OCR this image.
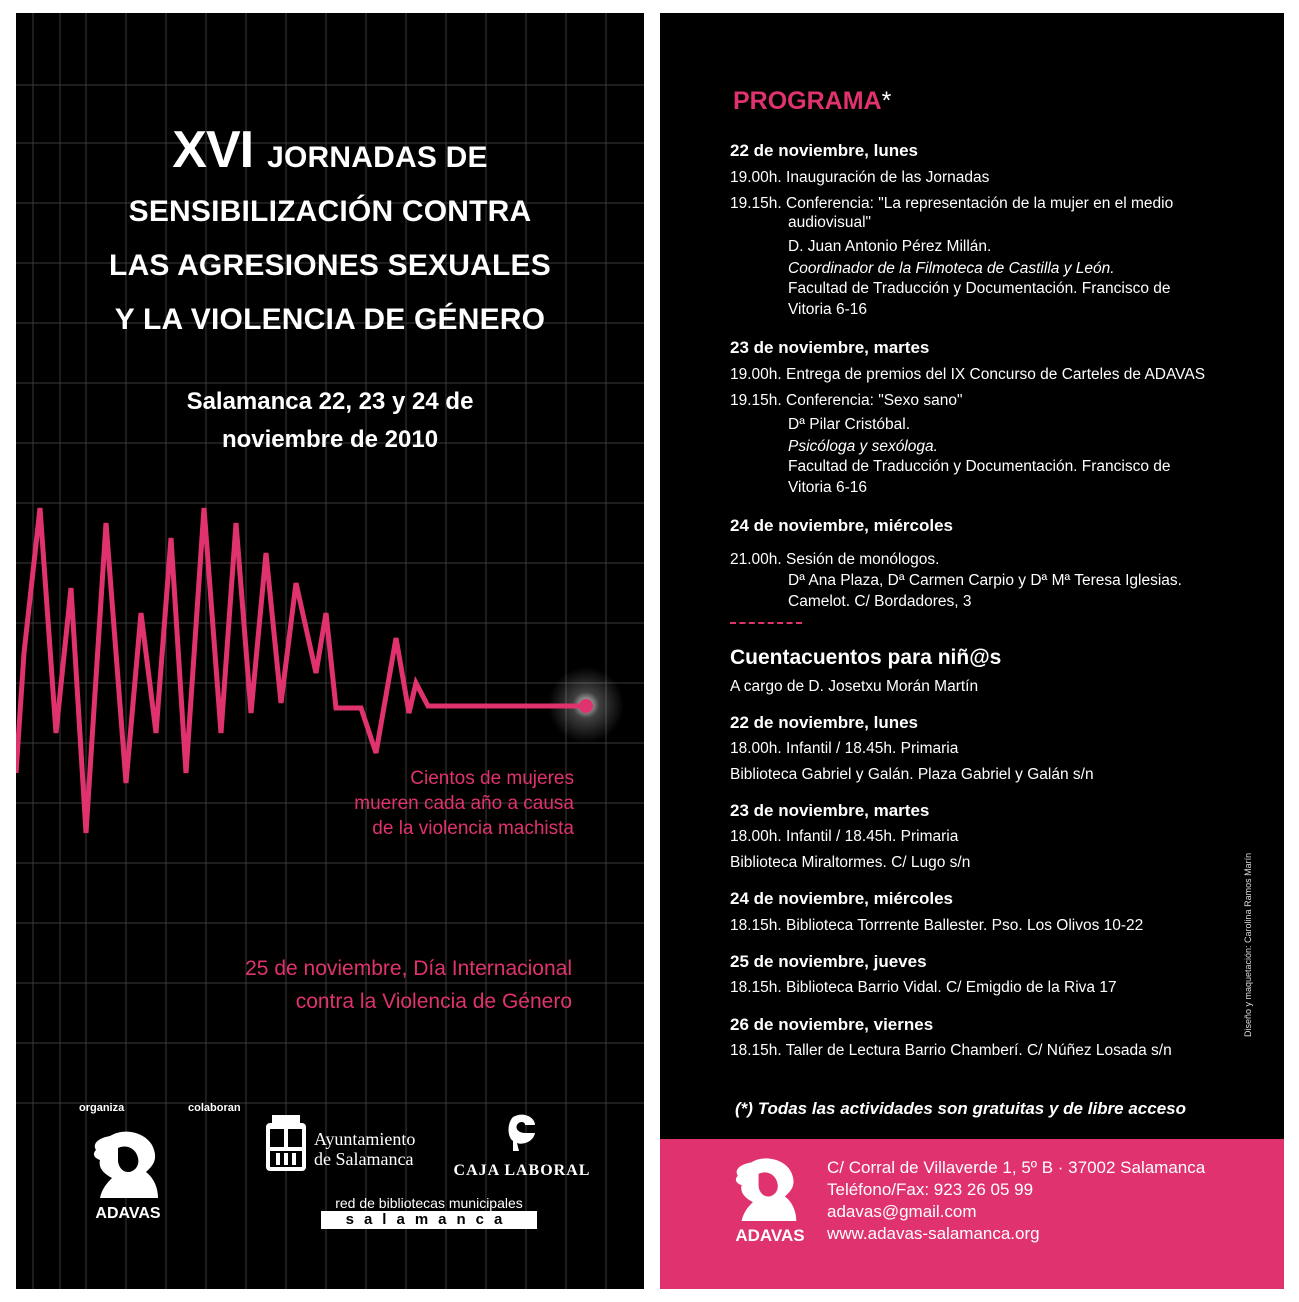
XVI JORNADAS DE
SENSIBILIZACIÓN CONTRA
LAS AGRESIONES SEXUALES
Y LA VIOLENCIA DE GÉNERO
Salamanca 22, 23 y 24 de
noviembre de 2010
Cientos de mujeres
mueren cada año a causa
de la violencia machista
25 de noviembre, Día Internacional
contra la Violencia de Género
organiza	colaboran
ADAVAS
Ayuntamiento
de Salamanca
CAJA LABORAL
red de bibliotecas municipales
salamanca
PROGRAMA*
22 de noviembre, lunes
19.00h. Inauguración de las Jornadas
19.15h. Conferencia: "La representación de la mujer en el medio
audiovisual"
D. Juan Antonio Pérez Millán.
Coordinador de la Filmoteca de Castilla y León.
Facultad de Traducción y Documentación. Francisco de
Vitoria 6-16
23 de noviembre, martes
19.00h. Entrega de premios del IX Concurso de Carteles de ADAVAS
19.15h. Conferencia: "Sexo sano"
Dª Pilar Cristóbal.
Psicóloga y sexóloga.
Facultad de Traducción y Documentación. Francisco de
Vitoria 6-16
24 de noviembre, miércoles
21.00h. Sesión de monólogos.
Dª Ana Plaza, Dª Carmen Carpio y Dª Mª Teresa Iglesias.
Camelot. C/ Bordadores, 3
Cuentacuentos para niñ@s
A cargo de D. Josetxu Morán Martín
22 de noviembre, lunes
18.00h. Infantil / 18.45h. Primaria
Biblioteca Gabriel y Galán. Plaza Gabriel y Galán s/n
23 de noviembre, martes
18.00h. Infantil / 18.45h. Primaria
Biblioteca Miraltormes. C/ Lugo s/n
24 de noviembre, miércoles
18.15h. Biblioteca Torrrente Ballester. Pso. Los Olivos 10-22
25 de noviembre, jueves
18.15h. Biblioteca Barrio Vidal. C/ Emigdio de la Riva 17
26 de noviembre, viernes
18.15h. Taller de Lectura Barrio Chamberí. C/ Núñez Losada s/n
(*) Todas las actividades son gratuitas y de libre acceso
Diseño y maquetación: Carolina Ramos Marín
ADAVAS
C/ Corral de Villaverde 1, 5º B · 37002 Salamanca
Teléfono/Fax: 923 26 05 99
adavas@gmail.com
www.adavas-salamanca.org
